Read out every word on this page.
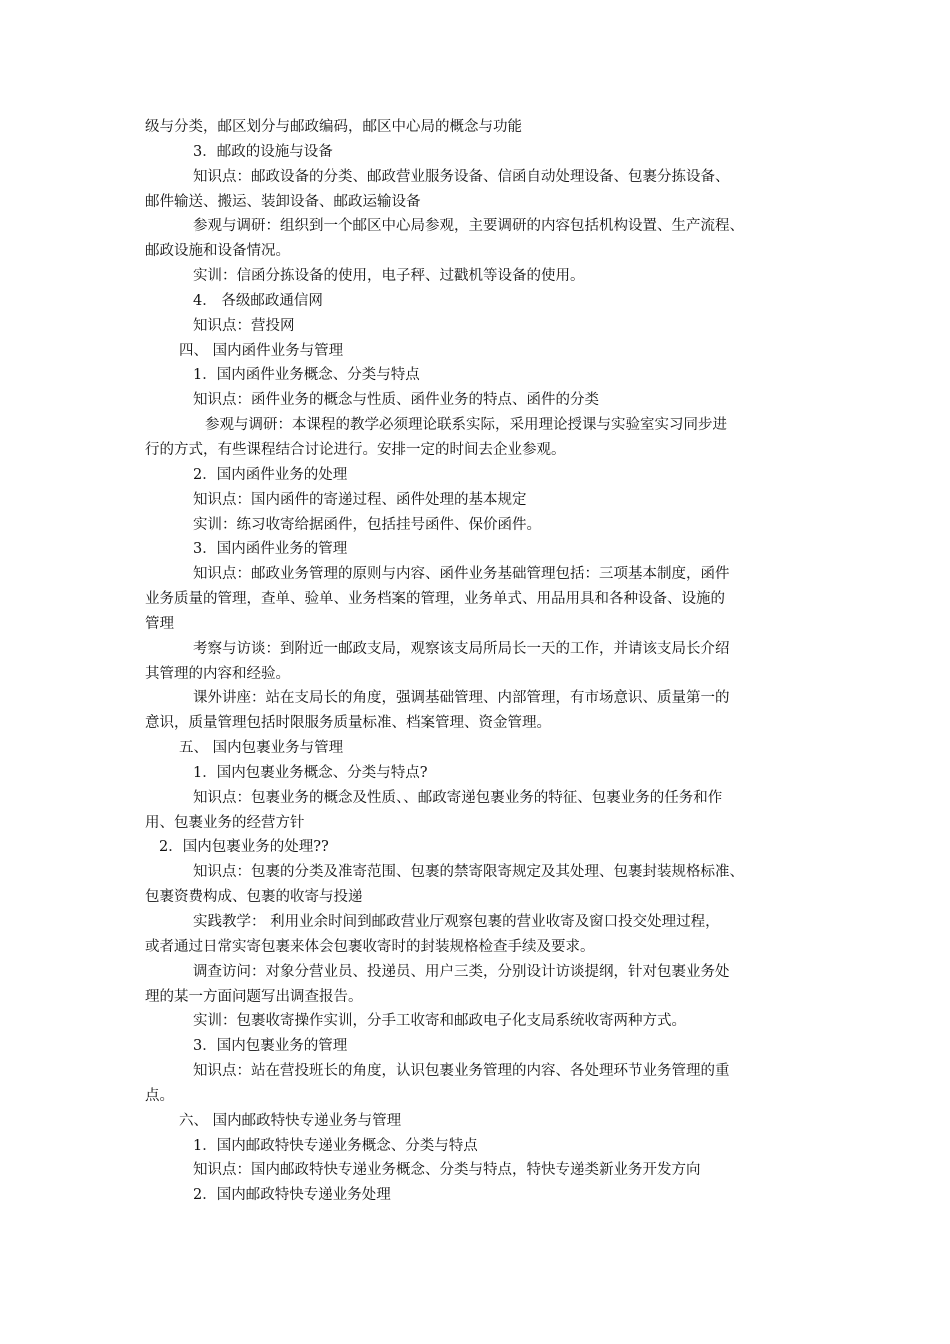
级与分类，邮区划分与邮政编码，邮区中心局的概念与功能
3．邮政的设施与设备
知识点：邮政设备的分类、邮政营业服务设备、信函自动处理设备、包裹分拣设备、
邮件输送、搬运、装卸设备、邮政运输设备
参观与调研：组织到一个邮区中心局参观，主要调研的内容包括机构设置、生产流程、
邮政设施和设备情况。
实训：信函分拣设备的使用，电子秤、过戳机等设备的使用。
4． 各级邮政通信网
知识点：营投网
四、 国内函件业务与管理
1．国内函件业务概念、分类与特点
知识点：函件业务的概念与性质、函件业务的特点、函件的分类
参观与调研：本课程的教学必须理论联系实际，采用理论授课与实验室实习同步进
行的方式，有些课程结合讨论进行。安排一定的时间去企业参观。
2．国内函件业务的处理
知识点：国内函件的寄递过程、函件处理的基本规定
实训：练习收寄给据函件，包括挂号函件、保价函件。
3．国内函件业务的管理
知识点：邮政业务管理的原则与内容、函件业务基础管理包括：三项基本制度，函件
业务质量的管理，查单、验单、业务档案的管理，业务单式、用品用具和各种设备、设施的
管理
考察与访谈：到附近一邮政支局，观察该支局所局长一天的工作，并请该支局长介绍
其管理的内容和经验。
课外讲座：站在支局长的角度，强调基础管理、内部管理，有市场意识、质量第一的
意识，质量管理包括时限服务质量标准、档案管理、资金管理。
五、 国内包裹业务与管理
1．国内包裹业务概念、分类与特点?
知识点：包裹业务的概念及性质、、邮政寄递包裹业务的特征、包裹业务的任务和作
用、包裹业务的经营方针
2．国内包裹业务的处理??
知识点：包裹的分类及准寄范围、包裹的禁寄限寄规定及其处理、包裹封装规格标准、
包裹资费构成、包裹的收寄与投递
实践教学： 利用业余时间到邮政营业厅观察包裹的营业收寄及窗口投交处理过程，
或者通过日常实寄包裹来体会包裹收寄时的封装规格检查手续及要求。
调查访问：对象分营业员、投递员、用户三类，分别设计访谈提纲，针对包裹业务处
理的某一方面问题写出调查报告。
实训：包裹收寄操作实训，分手工收寄和邮政电子化支局系统收寄两种方式。
3．国内包裹业务的管理
知识点：站在营投班长的角度，认识包裹业务管理的内容、各处理环节业务管理的重
点。
六、 国内邮政特快专递业务与管理
1．国内邮政特快专递业务概念、分类与特点
知识点：国内邮政特快专递业务概念、分类与特点，特快专递类新业务开发方向
2．国内邮政特快专递业务处理
